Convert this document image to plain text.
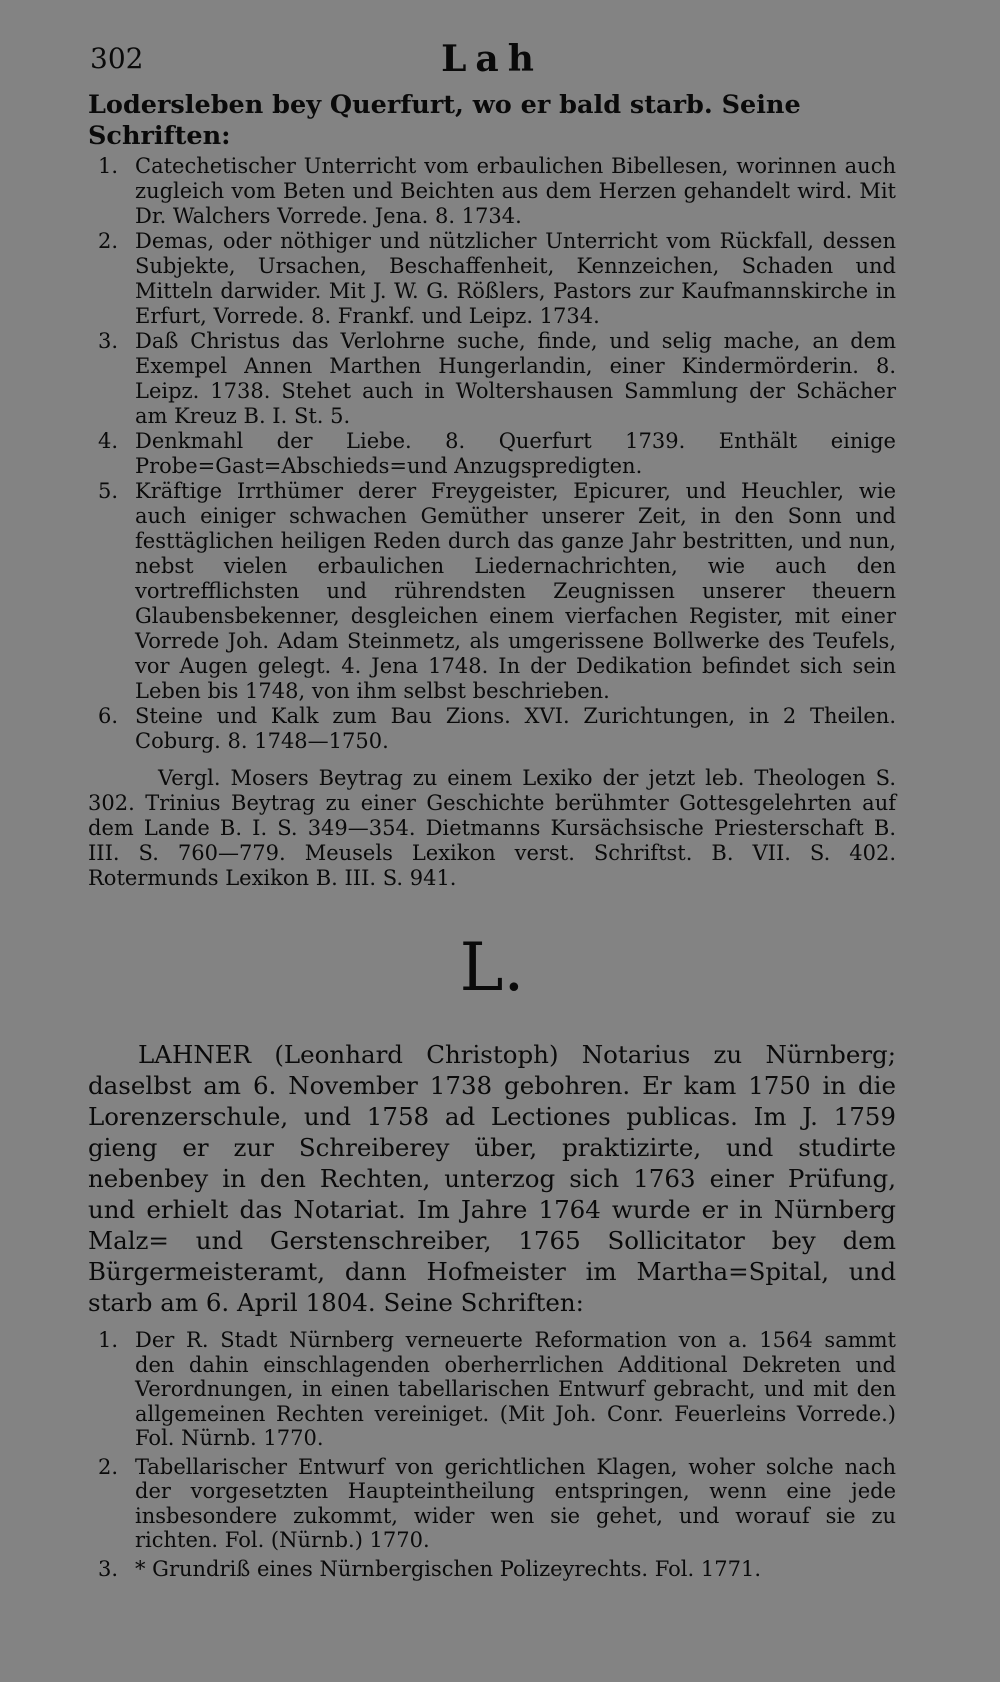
302	Lah

Lodersleben bey Querfurt, wo er bald starb. Seine

Schriften:

1. Catechetischer Unterricht vom erbaulichen Bibellesen, worinnen auch zugleich vom Beten und Beichten aus dem Herzen gehandelt wird. Mit Dr. Walchers Vorrede. Jena. 8. 1734.
2. Demas, oder nöthiger und nützlicher Unterricht vom Rückfall, dessen Subjekte, Ursachen, Beschaffenheit, Kennzeichen, Schaden und Mitteln darwider. Mit J. W. G. Rößlers, Pastors zur Kaufmannskirche in Erfurt, Vorrede. 8. Frankf. und Leipz. 1734.
3. Daß Christus das Verlohrne suche, finde, und selig mache, an dem Exempel Annen Marthen Hungerlandin, einer Kindermörderin. 8. Leipz. 1738. Stehet auch in Woltershausen Sammlung der Schächer am Kreuz B. I. St. 5.
4. Denkmahl der Liebe. 8. Querfurt 1739. Enthält einige Probe=Gast=Abschieds=und Anzugspredigten.
5. Kräftige Irrthümer derer Freygeister, Epicurer, und Heuchler, wie auch einiger schwachen Gemüther unserer Zeit, in den Sonn und festtäglichen heiligen Reden durch das ganze Jahr bestritten, und nun, nebst vielen erbaulichen Liedernachrichten, wie auch den vortrefflichsten und rührendsten Zeugnissen unserer theuern Glaubensbekenner, desgleichen einem vierfachen Register, mit einer Vorrede Joh. Adam Steinmetz, als umgerissene Bollwerke des Teufels, vor Augen gelegt. 4. Jena 1748. In der Dedikation befindet sich sein Leben bis 1748, von ihm selbst beschrieben.
6. Steine und Kalk zum Bau Zions. XVI. Zurichtungen, in 2 Theilen. Coburg. 8. 1748—1750.

Vergl. Mosers Beytrag zu einem Lexiko der jetzt leb. Theologen S. 302. Trinius Beytrag zu einer Geschichte berühmter Gottesgelehrten auf dem Lande B. I. S. 349—354. Dietmanns Kursächsische Priesterschaft B. III. S. 760—779. Meusels Lexikon verst. Schriftst. B. VII. S. 402. Rotermunds Lexikon B. III. S. 941.

L.

LAHNER (Leonhard Christoph) Notarius zu Nürnberg; daselbst am 6. November 1738 gebohren. Er kam 1750 in die Lorenzerschule, und 1758 ad Lectiones publicas. Im J. 1759 gieng er zur Schreiberey über, praktizirte, und studirte nebenbey in den Rechten, unterzog sich 1763 einer Prüfung, und erhielt das Notariat. Im Jahre 1764 wurde er in Nürnberg Malz= und Gerstenschreiber, 1765 Sollicitator bey dem Bürgermeisteramt, dann Hofmeister im Martha=Spital, und starb am 6. April 1804. Seine Schriften:

1. Der R. Stadt Nürnberg verneuerte Reformation von a. 1564 sammt den dahin einschlagenden oberherrlichen Additional Dekreten und Verordnungen, in einen tabellarischen Entwurf gebracht, und mit den allgemeinen Rechten vereiniget. (Mit Joh. Conr. Feuerleins Vorrede.) Fol. Nürnb. 1770.
2. Tabellarischer Entwurf von gerichtlichen Klagen, woher solche nach der vorgesetzten Haupteintheilung entspringen, wenn eine jede insbesondere zukommt, wider wen sie gehet, und worauf sie zu richten. Fol. (Nürnb.) 1770.
3. * Grundriß eines Nürnbergischen Polizeyrechts. Fol. 1771.
